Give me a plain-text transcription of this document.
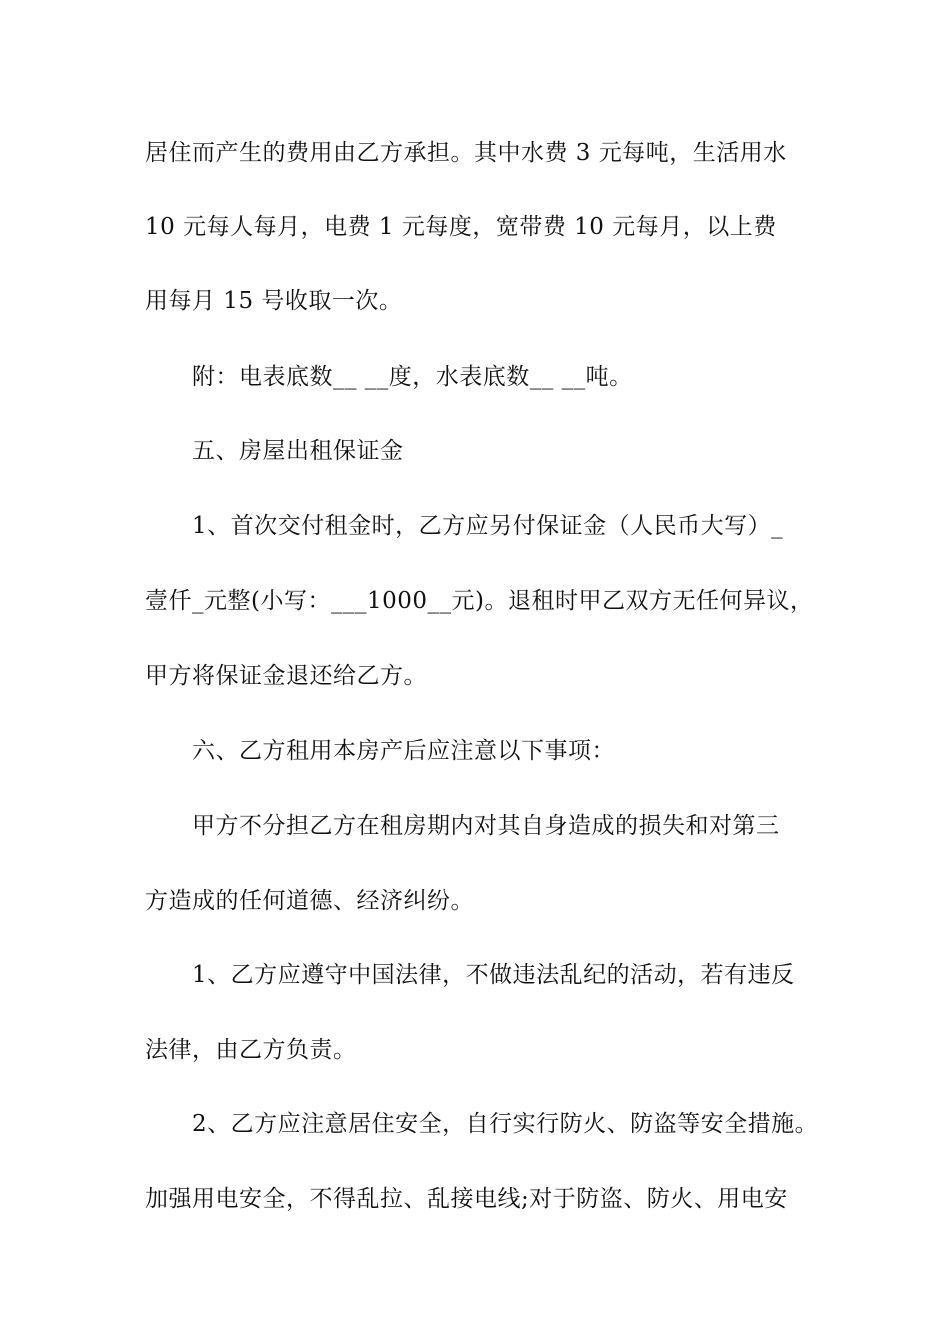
居住而产生的费用由乙方承担。其中水费 3 元每吨，生活用水
10 元每人每月，电费 1 元每度，宽带费 10 元每月，以上费
用每月 15 号收取一次。
附：电表底数__ __度，水表底数__ __吨。
五、房屋出租保证金
1、首次交付租金时，乙方应另付保证金（人民币大写）_
壹仟_元整(小写：___1000__元)。退租时甲乙双方无任何异议，
甲方将保证金退还给乙方。
六、乙方租用本房产后应注意以下事项：
甲方不分担乙方在租房期内对其自身造成的损失和对第三
方造成的任何道德、经济纠纷。
1、乙方应遵守中国法律，不做违法乱纪的活动，若有违反
法律，由乙方负责。
2、乙方应注意居住安全，自行实行防火、防盗等安全措施。
加强用电安全，不得乱拉、乱接电线;对于防盗、防火、用电安
